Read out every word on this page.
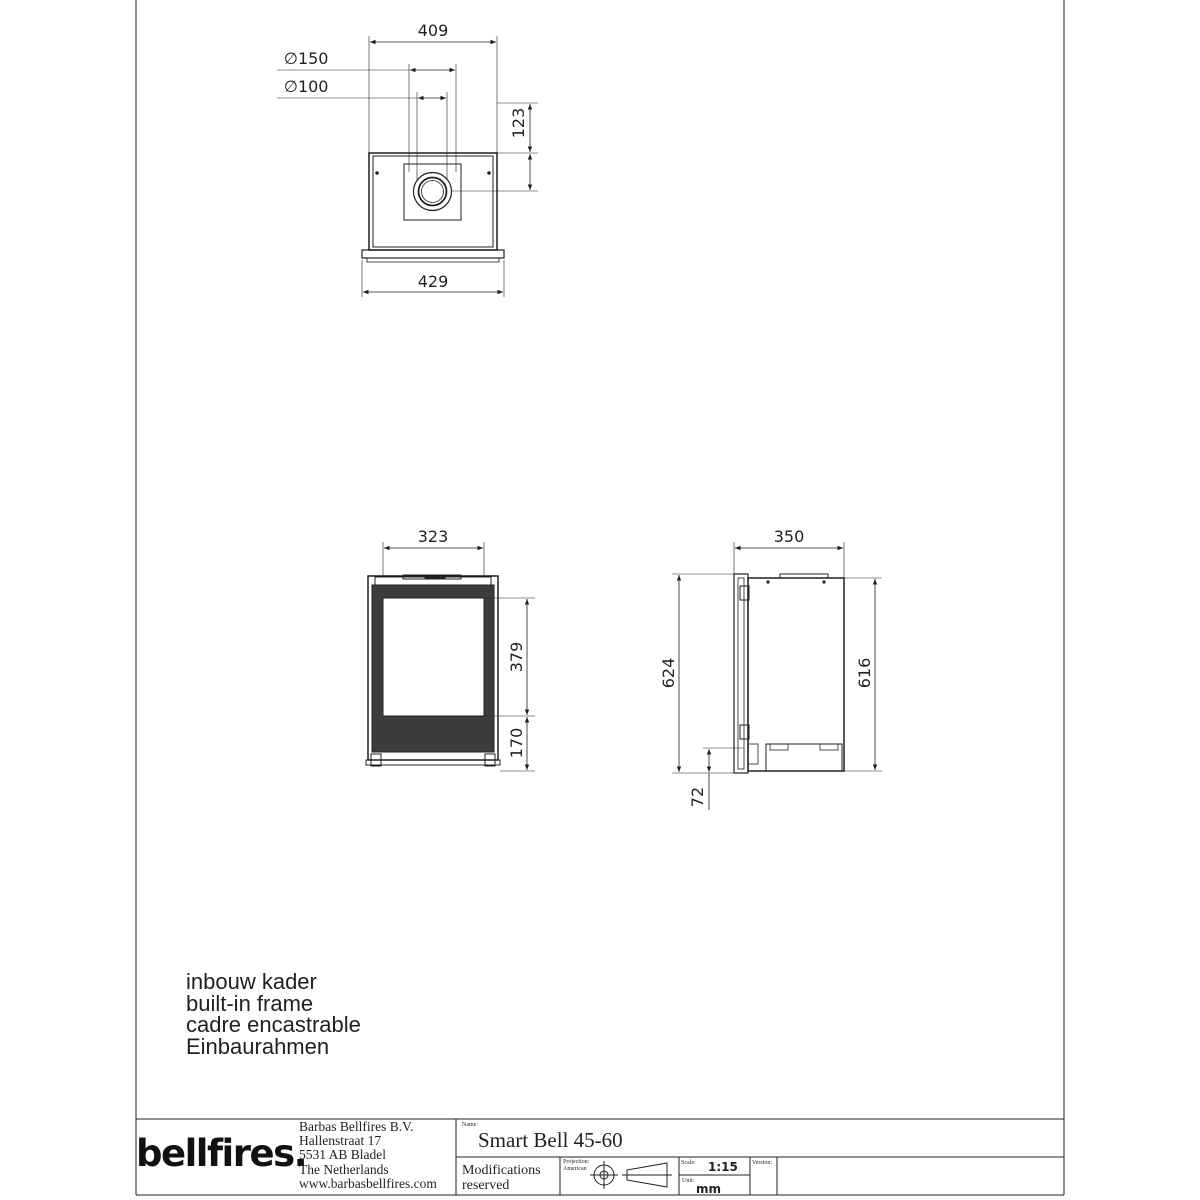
409
∅150
∅100
123
429
323
379
170
350
624	616
72
Name:
Smart Bell 45-60
Modifications
reserved
Projection:
American
Scale: 1:15
Unit:
mm
Version:
inbouw kader
built-in frame
cadre encastrable
Einbaurahmen
bellfires.
Barbas Bellfires B.V.
Hallenstraat 17
5531 AB Bladel
The Netherlands
www.barbasbellfires.com
